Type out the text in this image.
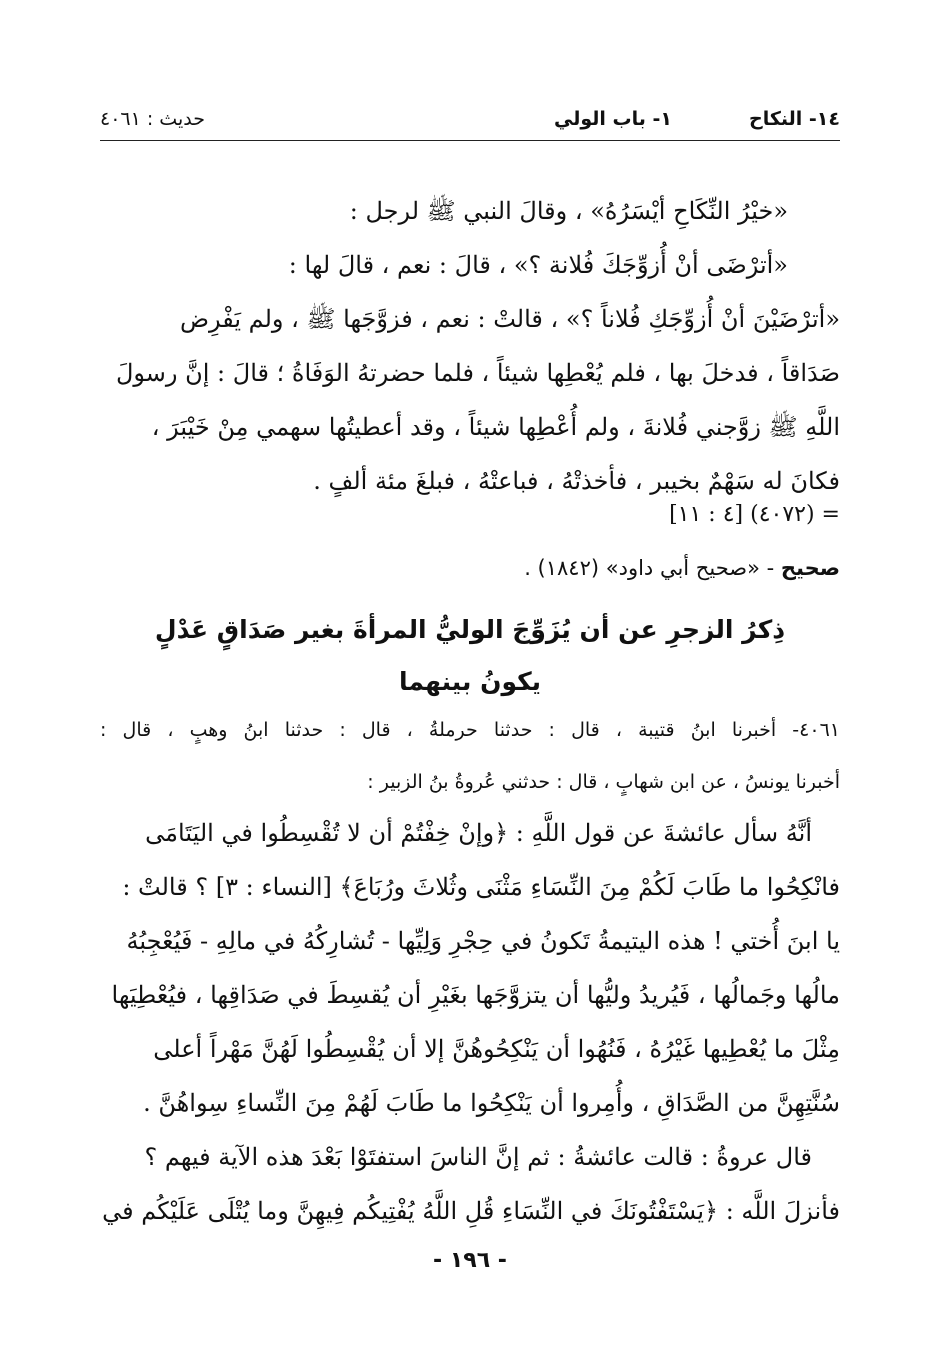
١٤- النكاح
١- باب الولي
حديث : ٤٠٦١
«خيْرُ النِّكَاحِ أيْسَرُهُ» ، وقالَ النبي ﷺ لرجل :
«أترْضَى أنْ أُزوِّجَكَ فُلانة ؟» ، قالَ : نعم ، قالَ لها :
«أترْضَيْنَ أنْ أُزوِّجَكِ فُلاناً ؟» ، قالتْ : نعم ، فزوَّجَها ﷺ ، ولم يَفْرِض
صَدَاقاً ، فدخلَ بها ، فلم يُعْطِها شيئاً ، فلما حضرتهُ الوَفَاةُ ؛ قالَ : إنَّ رسولَ
اللَّهِ ﷺ زوَّجني فُلانةَ ، ولم أُعْطِها شيئاً ، وقد أعطيتُها سهمي مِنْ خَيْبَرَ ،
فكانَ له سَهْمٌ بخيبر ، فأخذتْهُ ، فباعتْهُ ، فبلغَ مئة ألفٍ .
= (٤٠٧٢) [٤ : ١١]
صحيح - «صحيح أبي داود» (١٨٤٢) .
ذِكرُ الزجرِ عن أن يُزَوِّجَ الوليُّ المرأةَ بغير صَدَاقٍ عَدْلٍ
يكونُ بينهما
٤٠٦١- أخبرنا ابنُ قتيبة ، قال : حدثنا حرملةُ ، قال : حدثنا ابنُ وهبٍ ، قال :
أخبرنا يونسُ ، عن ابن شهابٍ ، قال : حدثني عُروةُ بنُ الزبير :
أنَّهُ سأل عائشةَ عن قول اللَّهِ : ﴿وإنْ خِفْتُمْ أن لا تُقْسِطُوا في اليَتَامَى
فانْكِحُوا ما طَابَ لَكُمْ مِنَ النِّسَاءِ مَثْنَى وثُلاثَ ورُبَاعَ﴾ [النساء : ٣] ؟ قالتْ :
يا ابنَ أُختي ! هذه اليتيمةُ تَكونُ في حِجْرِ وَلِيِّها - تُشارِكُهُ في مالِهِ - فَيُعْجِبُهُ
مالُها وجَمالُها ، فَيُريدُ وليُّها أن يتزوَّجَها بغَيْرِ أن يُقسِطَ في صَدَاقِها ، فيُعْطِيَها
مِثْلَ ما يُعْطِيها غَيْرُهُ ، فَنُهُوا أن يَنْكِحُوهُنَّ إلا أن يُقْسِطُوا لَهُنَّ مَهْراً أعلى
سُنَّتِهِنَّ من الصَّدَاقِ ، وأُمِروا أن يَنْكِحُوا ما طَابَ لَهُمْ مِنَ النِّساءِ سِواهُنَّ .
قال عروةُ : قالت عائشةُ : ثم إنَّ الناسَ استفتَوْا بَعْدَ هذه الآية فيهم ؟
فأنزلَ اللَّه : ﴿يَسْتَفْتُونَكَ في النِّسَاءِ قُلِ اللَّهُ يُفْتِيكُم فِيهِنَّ وما يُتْلَى عَلَيْكُم في
- ١٩٦ -
